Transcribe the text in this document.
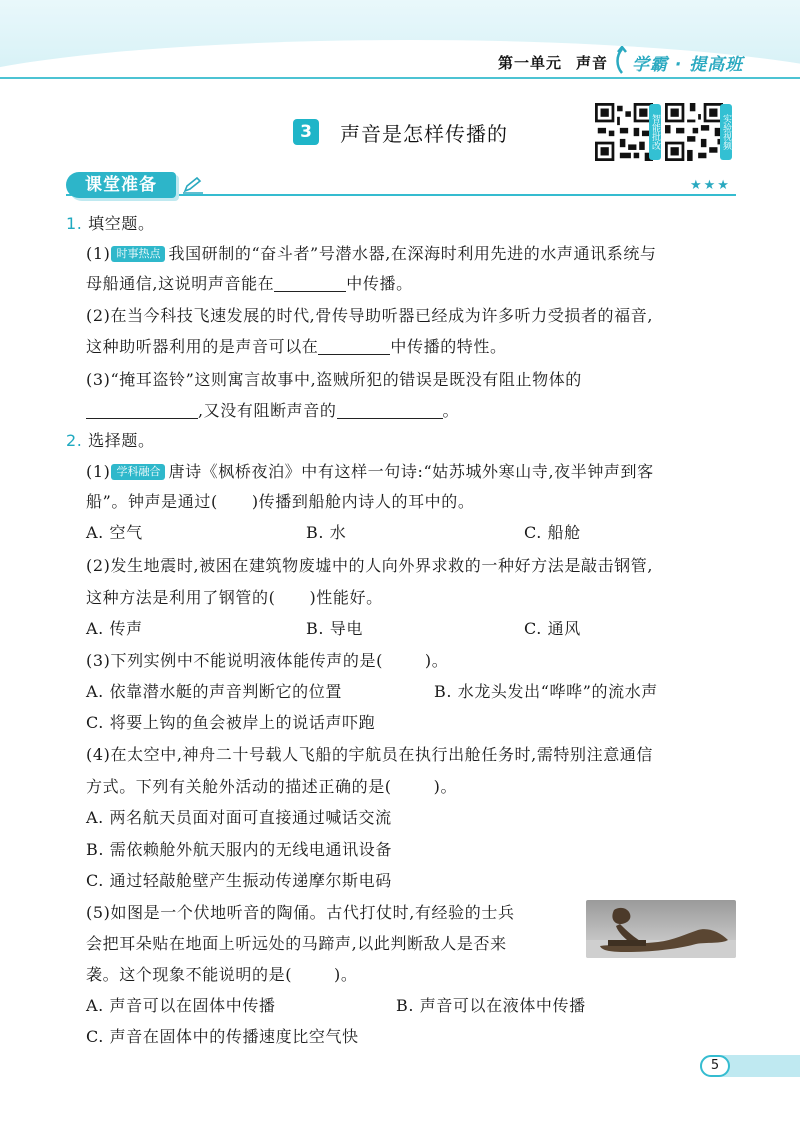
第一单元 声音 学霸 · 提高班
3	声音是怎样传播的	智能批改	实验视频
课堂准备	★★★
1. 填空题。
(1) 时事热点 我国研制的“奋斗者”号潜水器,在深海时利用先进的水声通讯系统与
母船通信,这说明声音能在	中传播。
(2)在当今科技飞速发展的时代,骨传导助听器已经成为许多听力受损者的福音,
这种助听器利用的是声音可以在	中传播的特性。
(3)“掩耳盗铃”这则寓言故事中,盗贼所犯的错误是既没有阻止物体的
,又没有阻断声音的	。
2. 选择题。
(1) 学科融合 唐诗《枫桥夜泊》中有这样一句诗:“姑苏城外寒山寺,夜半钟声到客
船”。钟声是通过( )传播到船舱内诗人的耳中的。
A. 空气	B. 水	C. 船舱
(2)发生地震时,被困在建筑物废墟中的人向外界求救的一种好方法是敲击钢管,
这种方法是利用了钢管的( )性能好。
A. 传声	B. 导电	C. 通风
(3)下列实例中不能说明液体能传声的是(	)。
A. 依靠潜水艇的声音判断它的位置	B. 水龙头发出“哗哗”的流水声
C. 将要上钩的鱼会被岸上的说话声吓跑
(4)在太空中,神舟二十号载人飞船的宇航员在执行出舱任务时,需特别注意通信
方式。下列有关舱外活动的描述正确的是(	)。
A. 两名航天员面对面可直接通过喊话交流
B. 需依赖舱外航天服内的无线电通讯设备
C. 通过轻敲舱壁产生振动传递摩尔斯电码
(5)如图是一个伏地听音的陶俑。古代打仗时,有经验的士兵
会把耳朵贴在地面上听远处的马蹄声,以此判断敌人是否来
袭。这个现象不能说明的是(	)。
A. 声音可以在固体中传播	B. 声音可以在液体中传播
C. 声音在固体中的传播速度比空气快
5
